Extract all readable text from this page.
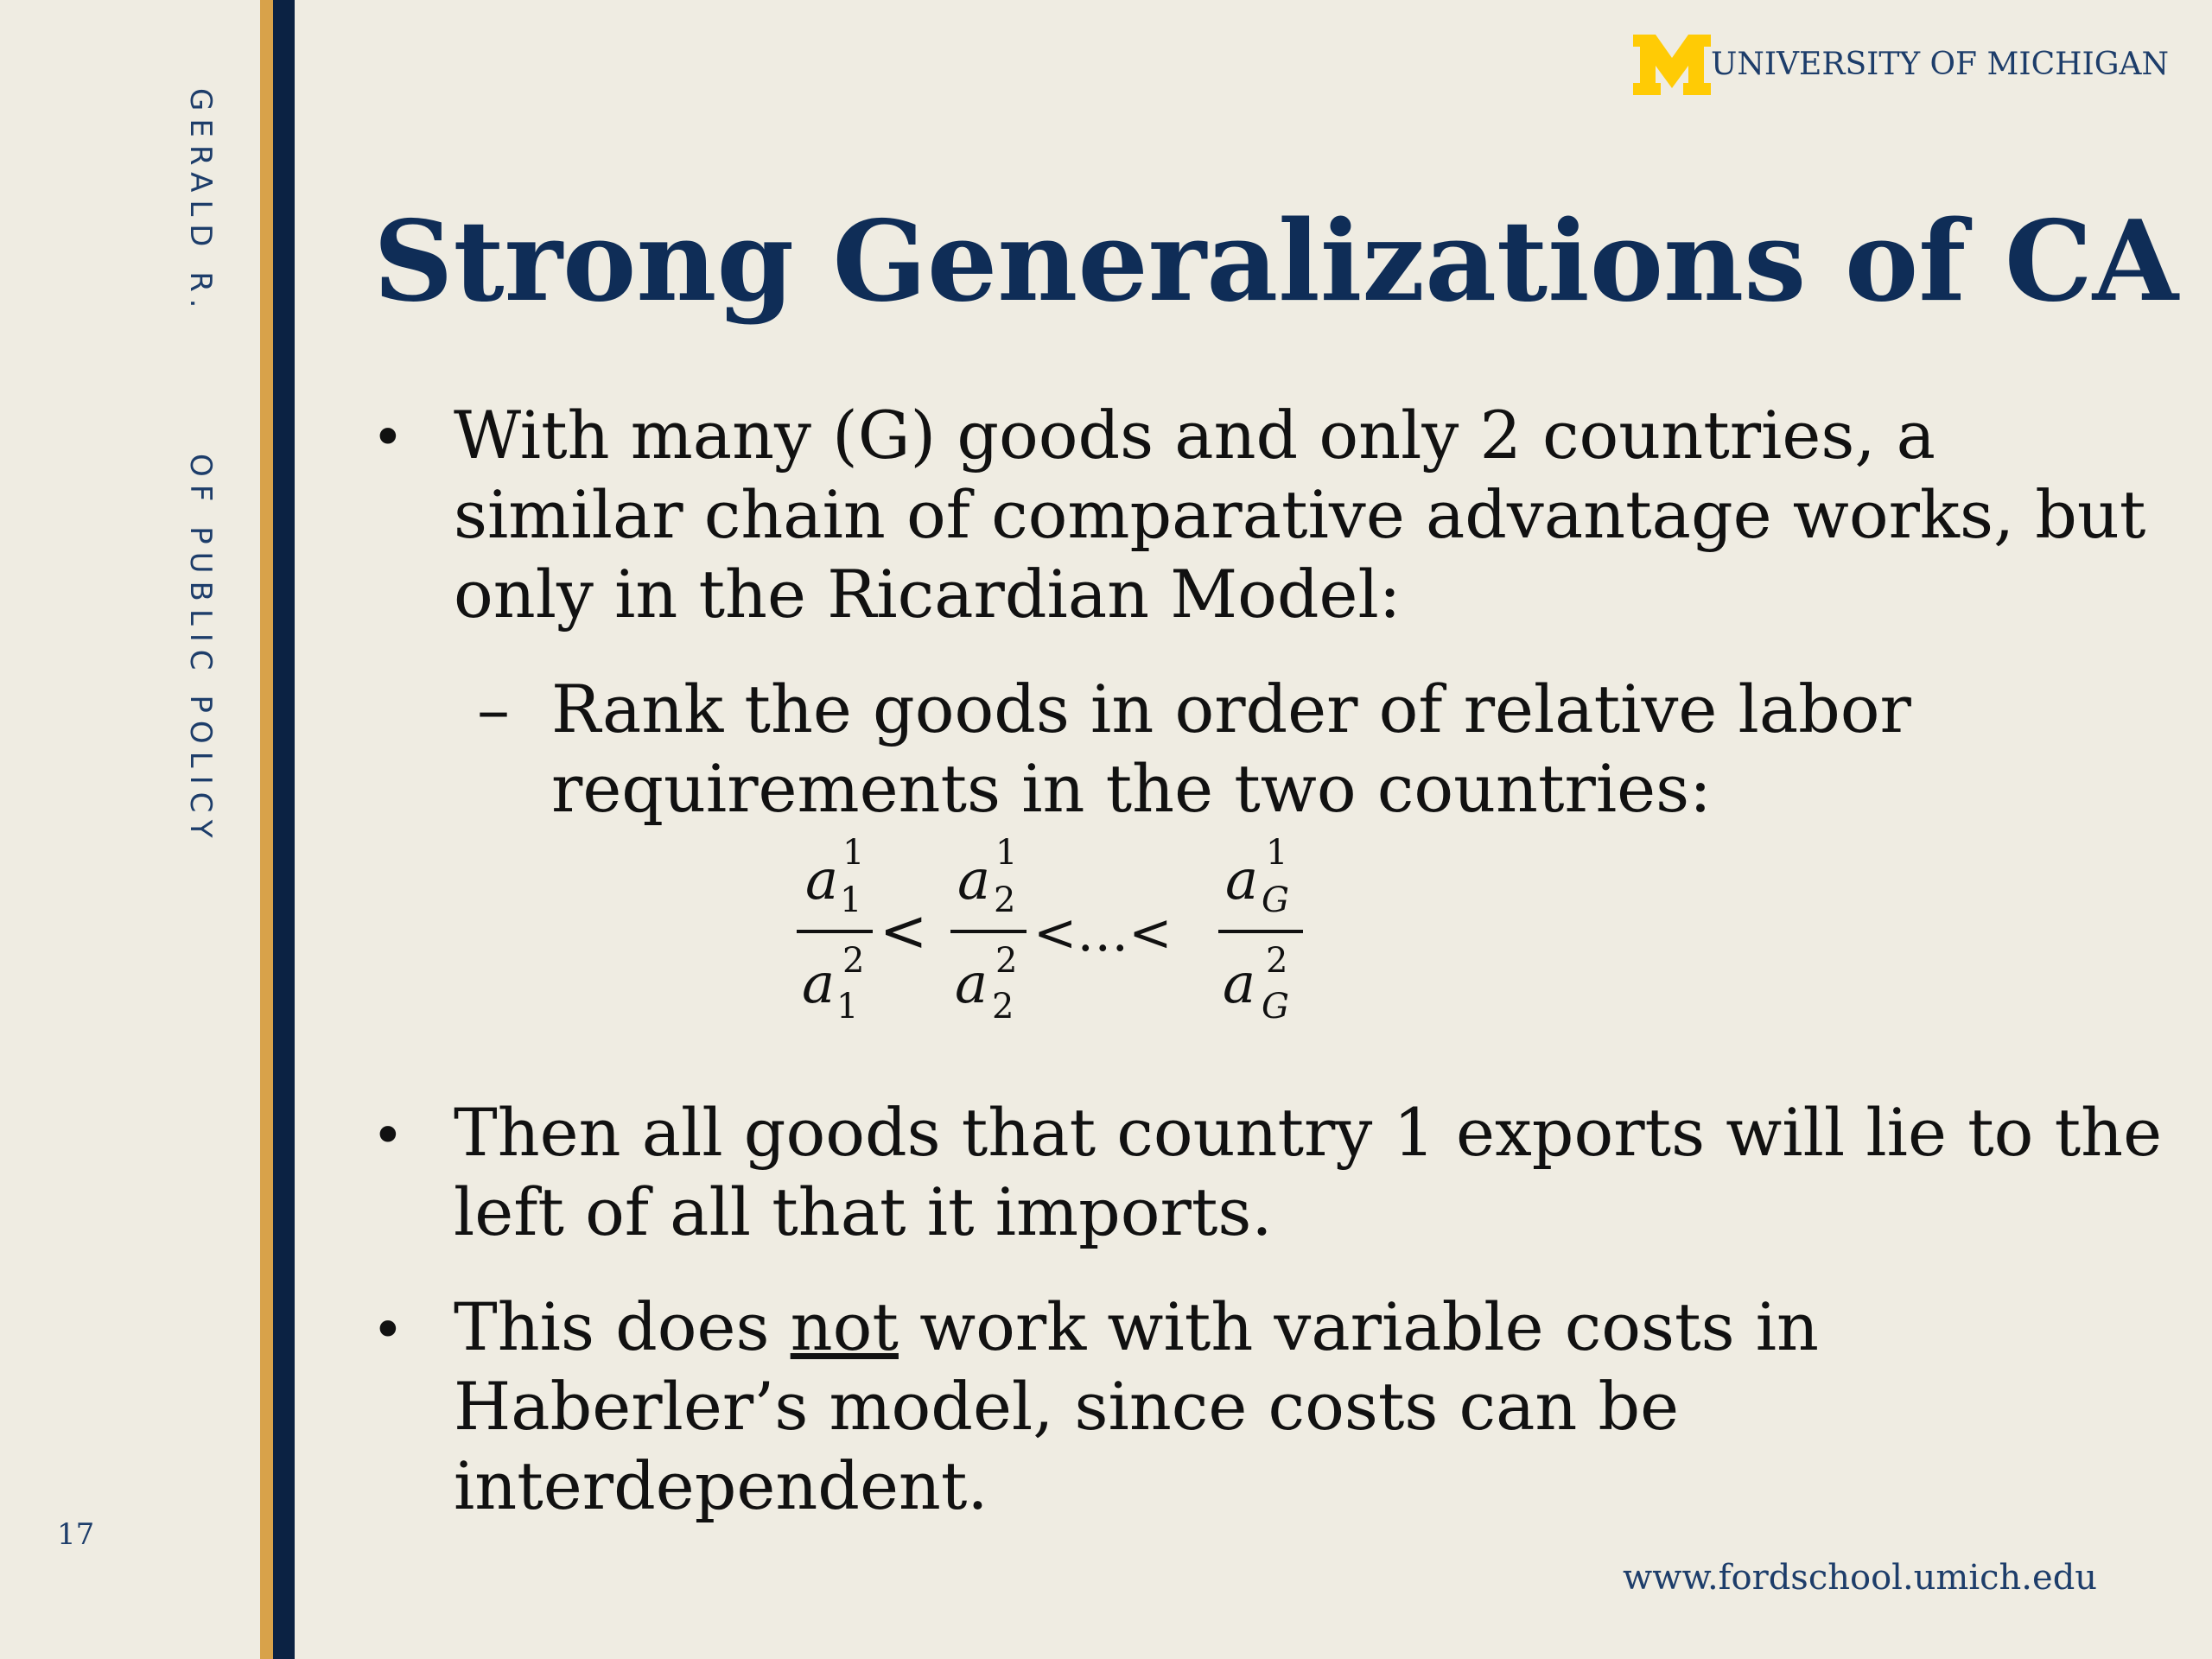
GERALD R.
OF PUBLIC POLICY
17
UNIVERSITY OF MICHIGAN
Strong Generalizations of CA
• With many (G) goods and only 2 countries, a similar chain of comparative advantage works, but only in the Ricardian Model:
– Rank the goods in order of relative labor requirements in the two countries:
a 1
1
a 2
1
<
a 1
2
a 2
2
<…<
a 1
G
a 2
G
• Then all goods that country 1 exports will lie to the left of all that it imports.
• This does not work with variable costs in Haberler’s model, since costs can be interdependent.
www.fordschool.umich.edu
